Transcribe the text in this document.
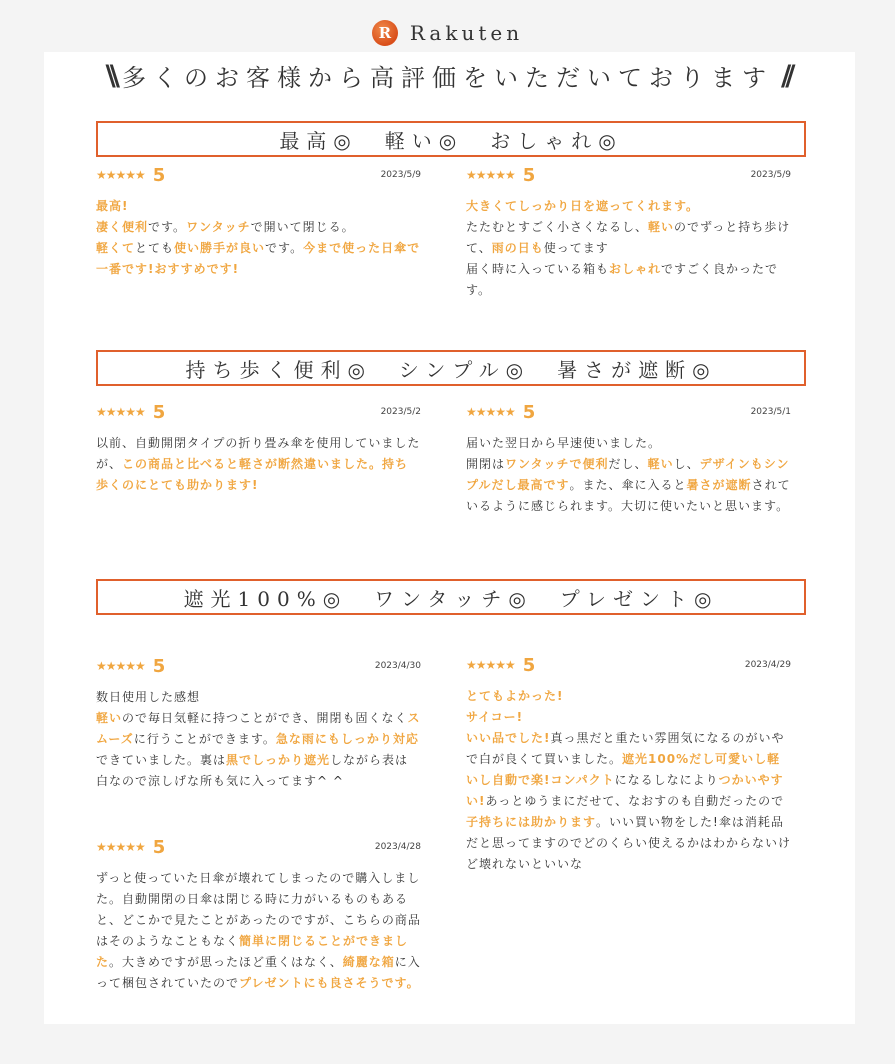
R Rakuten
\\ 多くのお客様から高評価をいただいております //
最高◎　軽い◎　おしゃれ◎
持ち歩く便利◎　シンプル◎　暑さが遮断◎
遮光100%◎　ワンタッチ◎　プレゼント◎
★★★★★ 5	2023/5/9
最高!
凄く便利です。ワンタッチで開いて閉じる。
軽くてとても使い勝手が良いです。今まで使った日傘で一番です!おすすめです!
★★★★★ 5	2023/5/9
大きくてしっかり日を遮ってくれます。
たたむとすごく小さくなるし、軽いのでずっと持ち歩けて、雨の日も使ってます
届く時に入っている箱もおしゃれですごく良かったです。
★★★★★ 5	2023/5/2
以前、自動開閉タイプの折り畳み傘を使用していましたが、この商品と比べると軽さが断然違いました。持ち歩くのにとても助かります!
★★★★★ 5	2023/5/1
届いた翌日から早速使いました。
開閉はワンタッチで便利だし、軽いし、デザインもシンプルだし最高です。また、傘に入ると暑さが遮断されているように感じられます。大切に使いたいと思います。
★★★★★ 5	2023/4/30
数日使用した感想
軽いので毎日気軽に持つことができ、開閉も固くなくスムーズに行うことができます。急な雨にもしっかり対応できていました。裏は黒でしっかり遮光しながら表は白なので涼しげな所も気に入ってます^ ^
★★★★★ 5	2023/4/28
ずっと使っていた日傘が壊れてしまったので購入しました。自動開閉の日傘は閉じる時に力がいるものもあると、どこかで見たことがあったのですが、こちらの商品はそのようなこともなく簡単に閉じることができました。大きめですが思ったほど重くはなく、綺麗な箱に入って梱包されていたのでプレゼントにも良さそうです。
★★★★★ 5	2023/4/29
とてもよかった!
サイコー!
いい品でした!真っ黒だと重たい雰囲気になるのがいやで白が良くて買いました。遮光100%だし可愛いし軽いし自動で楽!コンパクトになるしなによりつかいやすい!あっとゆうまにだせて、なおすのも自動だったので子持ちには助かります。いい買い物をした!傘は消耗品だと思ってますのでどのくらい使えるかはわからないけど壊れないといいな
